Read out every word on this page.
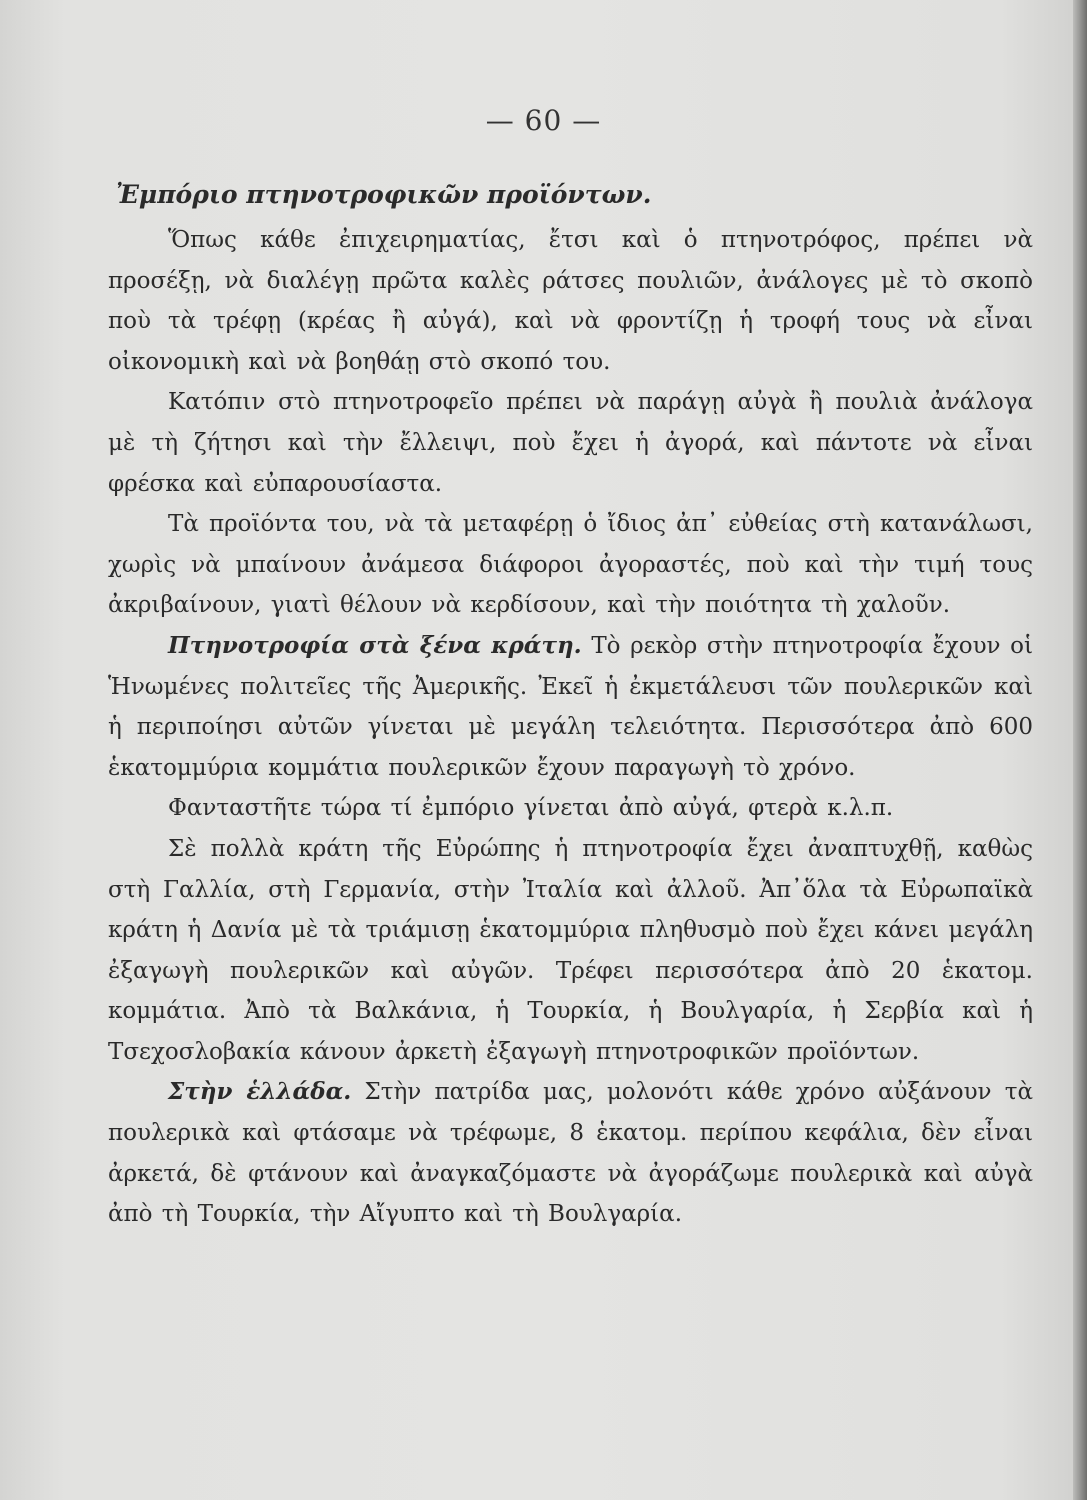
— 60 —
Ἐμπόριο πτηνοτροφικῶν προϊόντων.

Ὅπως κάθε ἐπιχειρηματίας, ἔτσι καὶ ὁ πτηνοτρόφος, πρέπει νὰ προσέξῃ, νὰ διαλέγῃ πρῶτα καλὲς ράτσες πουλιῶν, ἀνάλογες μὲ τὸ σκοπὸ ποὺ τὰ τρέφῃ (κρέας ἢ αὐγά), καὶ νὰ φροντίζῃ ἡ τροφή τους νὰ εἶναι οἰκονομικὴ καὶ νὰ βοηθάῃ στὸ σκοπό του.

Κατόπιν στὸ πτηνοτροφεῖο πρέπει νὰ παράγῃ αὐγὰ ἢ πουλιὰ ἀνάλογα μὲ τὴ ζήτησι καὶ τὴν ἔλλειψι, ποὺ ἔχει ἡ ἀγορά, καὶ πάντοτε νὰ εἶναι φρέσκα καὶ εὐπαρουσίαστα.

Τὰ προϊόντα του, νὰ τὰ μεταφέρῃ ὁ ἴδιος ἀπ᾽ εὐθείας στὴ κατανάλωσι, χωρὶς νὰ μπαίνουν ἀνάμεσα διάφοροι ἀγοραστές, ποὺ καὶ τὴν τιμή τους ἀκριβαίνουν, γιατὶ θέλουν νὰ κερδίσουν, καὶ τὴν ποιότητα τὴ χαλοῦν.

Πτηνοτροφία στὰ ξένα κράτη. Τὸ ρεκὸρ στὴν πτηνοτροφία ἔχουν οἱ Ἡνωμένες πολιτεῖες τῆς Ἀμερικῆς. Ἐκεῖ ἡ ἐκμετάλευσι τῶν πουλερικῶν καὶ ἡ περιποίησι αὐτῶν γίνεται μὲ μεγάλη τελειότητα. Περισσότερα ἀπὸ 600 ἑκατομμύρια κομμάτια πουλερικῶν ἔχουν παραγωγὴ τὸ χρόνο.

Φανταστῆτε τώρα τί ἐμπόριο γίνεται ἀπὸ αὐγά, φτερὰ κ.λ.π.

Σὲ πολλὰ κράτη τῆς Εὐρώπης ἡ πτηνοτροφία ἔχει ἀναπτυχθῇ, καθὼς στὴ Γαλλία, στὴ Γερμανία, στὴν Ἰταλία καὶ ἀλλοῦ. Ἀπ᾽ὅλα τὰ Εὐρωπαϊκὰ κράτη ἡ Δανία μὲ τὰ τριάμισῃ ἑκατομμύρια πληθυσμὸ ποὺ ἔχει κάνει μεγάλη ἐξαγωγὴ πουλερικῶν καὶ αὐγῶν. Τρέφει περισσότερα ἀπὸ 20 ἑκατομ. κομμάτια. Ἀπὸ τὰ Βαλκάνια, ἡ Τουρκία, ἡ Βουλγαρία, ἡ Σερβία καὶ ἡ Τσεχοσλοβακία κάνουν ἀρκετὴ ἐξαγωγὴ πτηνοτροφικῶν προϊόντων.

Στὴν ἑλλάδα. Στὴν πατρίδα μας, μολονότι κάθε χρόνο αὐξάνουν τὰ πουλερικὰ καὶ φτάσαμε νὰ τρέφωμε, 8 ἑκατομ. περίπου κεφάλια, δὲν εἶναι ἀρκετά, δὲ φτάνουν καὶ ἀναγκαζόμαστε νὰ ἀγοράζωμε πουλερικὰ καὶ αὐγὰ ἀπὸ τὴ Τουρκία, τὴν Αἴγυπτο καὶ τὴ Βουλγαρία.
